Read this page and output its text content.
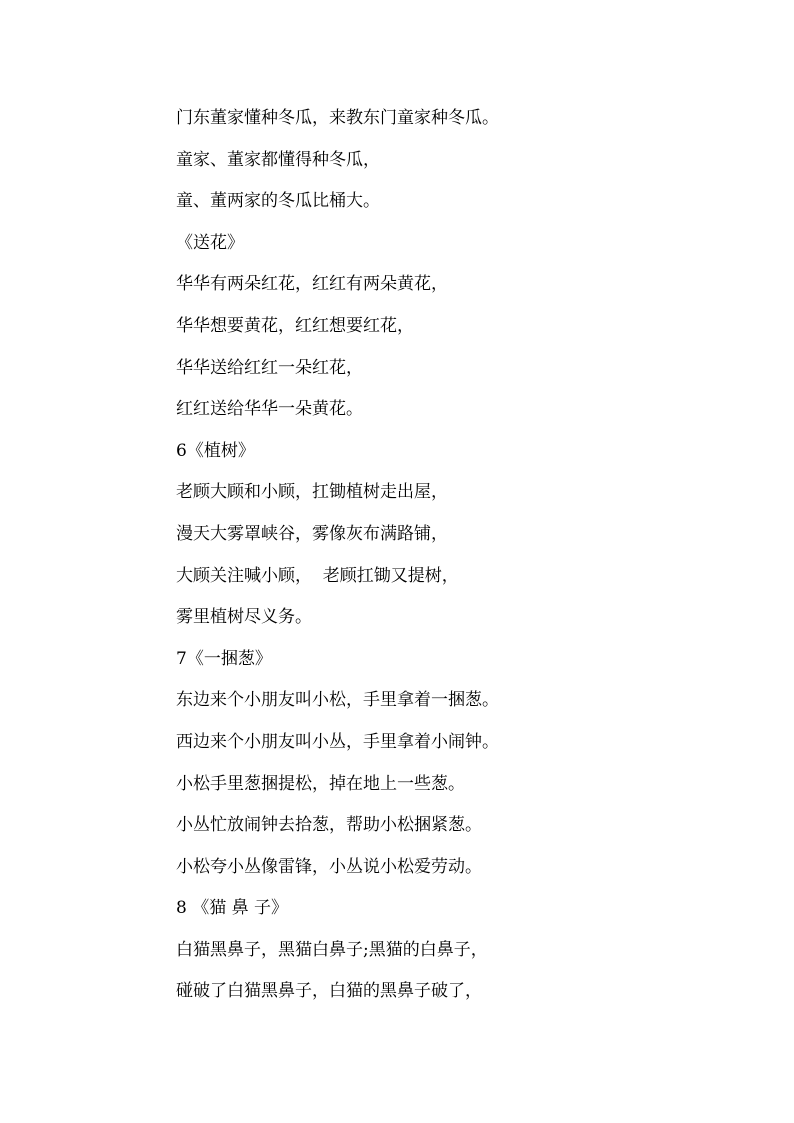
门东董家懂种冬瓜，来教东门童家种冬瓜。
童家、董家都懂得种冬瓜，
童、董两家的冬瓜比桶大。
《送花》
华华有两朵红花，红红有两朵黄花，
华华想要黄花，红红想要红花，
华华送给红红一朵红花，
红红送给华华一朵黄花。
6《植树》
老顾大顾和小顾，扛锄植树走出屋，
漫天大雾罩峡谷，雾像灰布满路铺，
大顾关注喊小顾，  老顾扛锄又提树，
雾里植树尽义务。
7《一捆葱》
东边来个小朋友叫小松，手里拿着一捆葱。
西边来个小朋友叫小丛，手里拿着小闹钟。
小松手里葱捆提松，掉在地上一些葱。
小丛忙放闹钟去拾葱，帮助小松捆紧葱。
小松夸小丛像雷锋，小丛说小松爱劳动。
8 《猫 鼻 子》
白猫黑鼻子，黑猫白鼻子;黑猫的白鼻子，
碰破了白猫黑鼻子，白猫的黑鼻子破了，
